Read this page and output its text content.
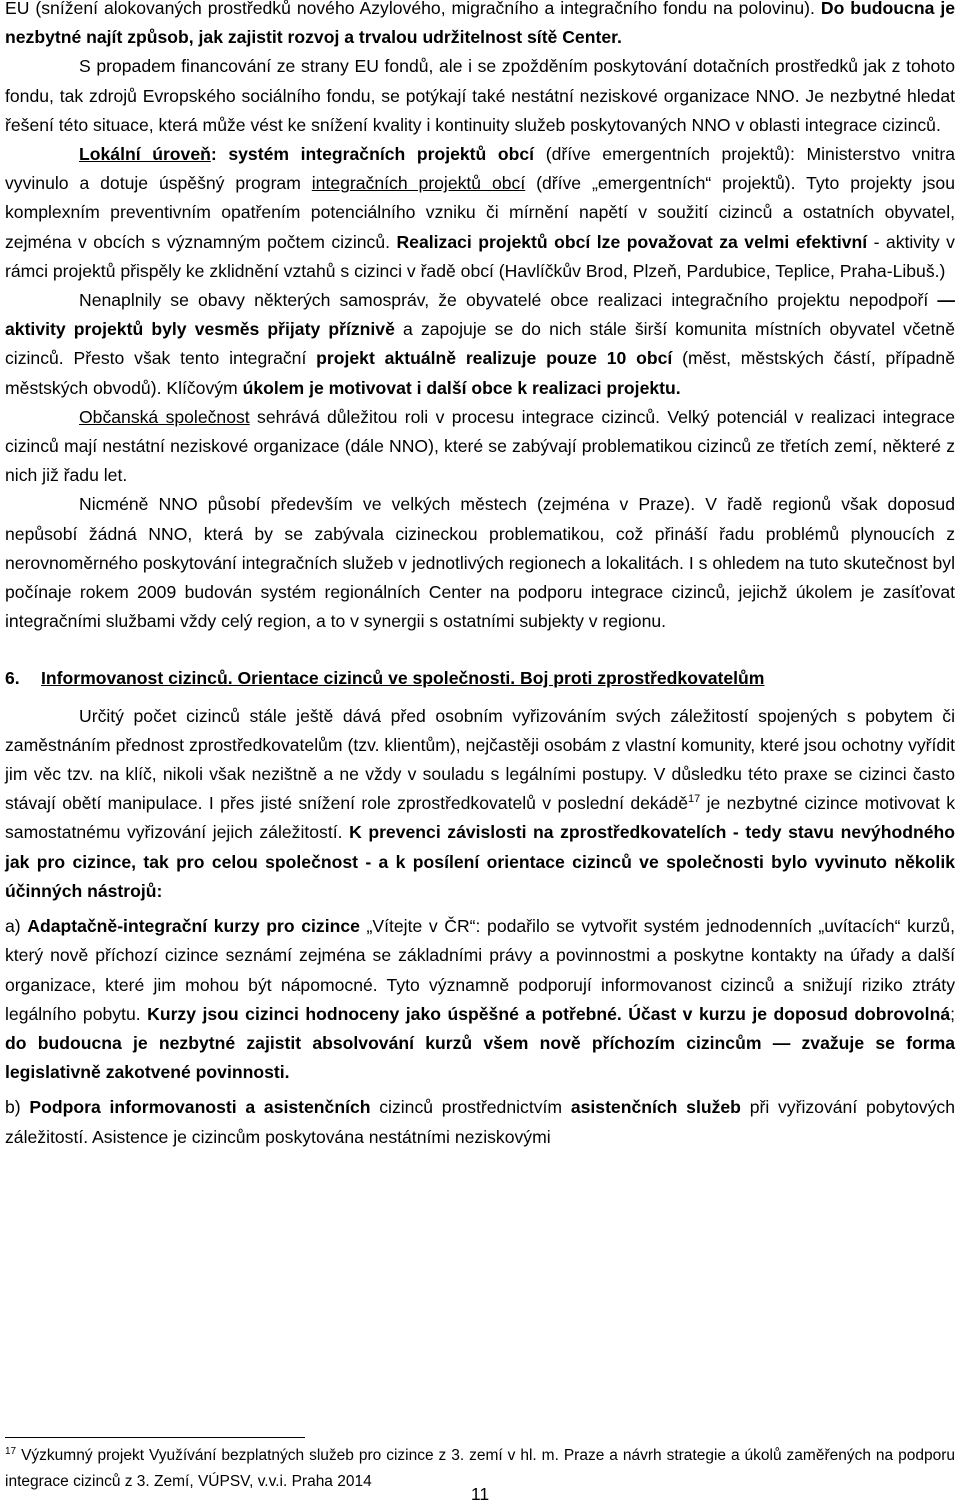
EU (snížení alokovaných prostředků nového Azylového, migračního a integračního fondu na polovinu). Do budoucna je nezbytné najít způsob, jak zajistit rozvoj a trvalou udržitelnost sítě Center.

S propadem financování ze strany EU fondů, ale i se zpožděním poskytování dotačních prostředků jak z tohoto fondu, tak zdrojů Evropského sociálního fondu, se potýkají také nestátní neziskové organizace NNO. Je nezbytné hledat řešení této situace, která může vést ke snížení kvality i kontinuity služeb poskytovaných NNO v oblasti integrace cizinců.

Lokální úroveň: systém integračních projektů obcí (dříve emergentních projektů): Ministerstvo vnitra vyvinulo a dotuje úspěšný program integračních projektů obcí (dříve „emergentních“ projektů). Tyto projekty jsou komplexním preventivním opatřením potenciálního vzniku či mírnění napětí v soužití cizinců a ostatních obyvatel, zejména v obcích s významným počtem cizinců. Realizaci projektů obcí lze považovat za velmi efektivní - aktivity v rámci projektů přispěly ke zklidnění vztahů s cizinci v řadě obcí (Havlíčkův Brod, Plzeň, Pardubice, Teplice, Praha-Libuš.)

Nenaplnily se obavy některých samospráv, že obyvatelé obce realizaci integračního projektu nepodpoří — aktivity projektů byly vesměs přijaty příznivě a zapojuje se do nich stále širší komunita místních obyvatel včetně cizinců. Přesto však tento integrační projekt aktuálně realizuje pouze 10 obcí (měst, městských částí, případně městských obvodů). Klíčovým úkolem je motivovat i další obce k realizaci projektu.

Občanská společnost sehrává důležitou roli v procesu integrace cizinců. Velký potenciál v realizaci integrace cizinců mají nestátní neziskové organizace (dále NNO), které se zabývají problematikou cizinců ze třetích zemí, některé z nich již řadu let.

Nicméně NNO působí především ve velkých městech (zejména v Praze). V řadě regionů však doposud nepůsobí žádná NNO, která by se zabývala cizineckou problematikou, což přináší řadu problémů plynoucích z nerovnoměrného poskytování integračních služeb v jednotlivých regionech a lokalitách. I s ohledem na tuto skutečnost byl počínaje rokem 2009 budován systém regionálních Center na podporu integrace cizinců, jejichž úkolem je zasíťovat integračními službami vždy celý region, a to v synergii s ostatními subjekty v regionu.

6. Informovanost cizinců. Orientace cizinců ve společnosti. Boj proti zprostředkovatelům

Určitý počet cizinců stále ještě dává před osobním vyřizováním svých záležitostí spojených s pobytem či zaměstnáním přednost zprostředkovatelům (tzv. klientům), nejčastěji osobám z vlastní komunity, které jsou ochotny vyřídit jim věc tzv. na klíč, nikoli však nezištně a ne vždy v souladu s legálními postupy. V důsledku této praxe se cizinci často stávají obětí manipulace. I přes jisté snížení role zprostředkovatelů v poslední dekádě$^{17}$ je nezbytné cizince motivovat k samostatnému vyřizování jejich záležitostí. K prevenci závislosti na zprostředkovatelích - tedy stavu nevýhodného jak pro cizince, tak pro celou společnost - a k posílení orientace cizinců ve společnosti bylo vyvinuto několik účinných nástrojů:

a) Adaptačně-integrační kurzy pro cizince „Vítejte v ČR“: podařilo se vytvořit systém jednodenních „uvítacích“ kurzů, který nově příchozí cizince seznámí zejména se základními právy a povinnostmi a poskytne kontakty na úřady a další organizace, které jim mohou být nápomocné. Tyto významně podporují informovanost cizinců a snižují riziko ztráty legálního pobytu. Kurzy jsou cizinci hodnoceny jako úspěšné a potřebné. Účast v kurzu je doposud dobrovolná; do budoucna je nezbytné zajistit absolvování kurzů všem nově příchozím cizincům — zvažuje se forma legislativně zakotvené povinnosti.

b) Podpora informovanosti a asistenčních cizinců prostřednictvím asistenčních služeb při vyřizování pobytových záležitostí. Asistence je cizincům poskytována nestátními neziskovými

$^{17}$ Výzkumný projekt Využívání bezplatných služeb pro cizince z 3. zemí v hl. m. Praze a návrh strategie a úkolů zaměřených na podporu integrace cizinců z 3. Zemí, VÚPSV, v.v.i. Praha 2014
11
